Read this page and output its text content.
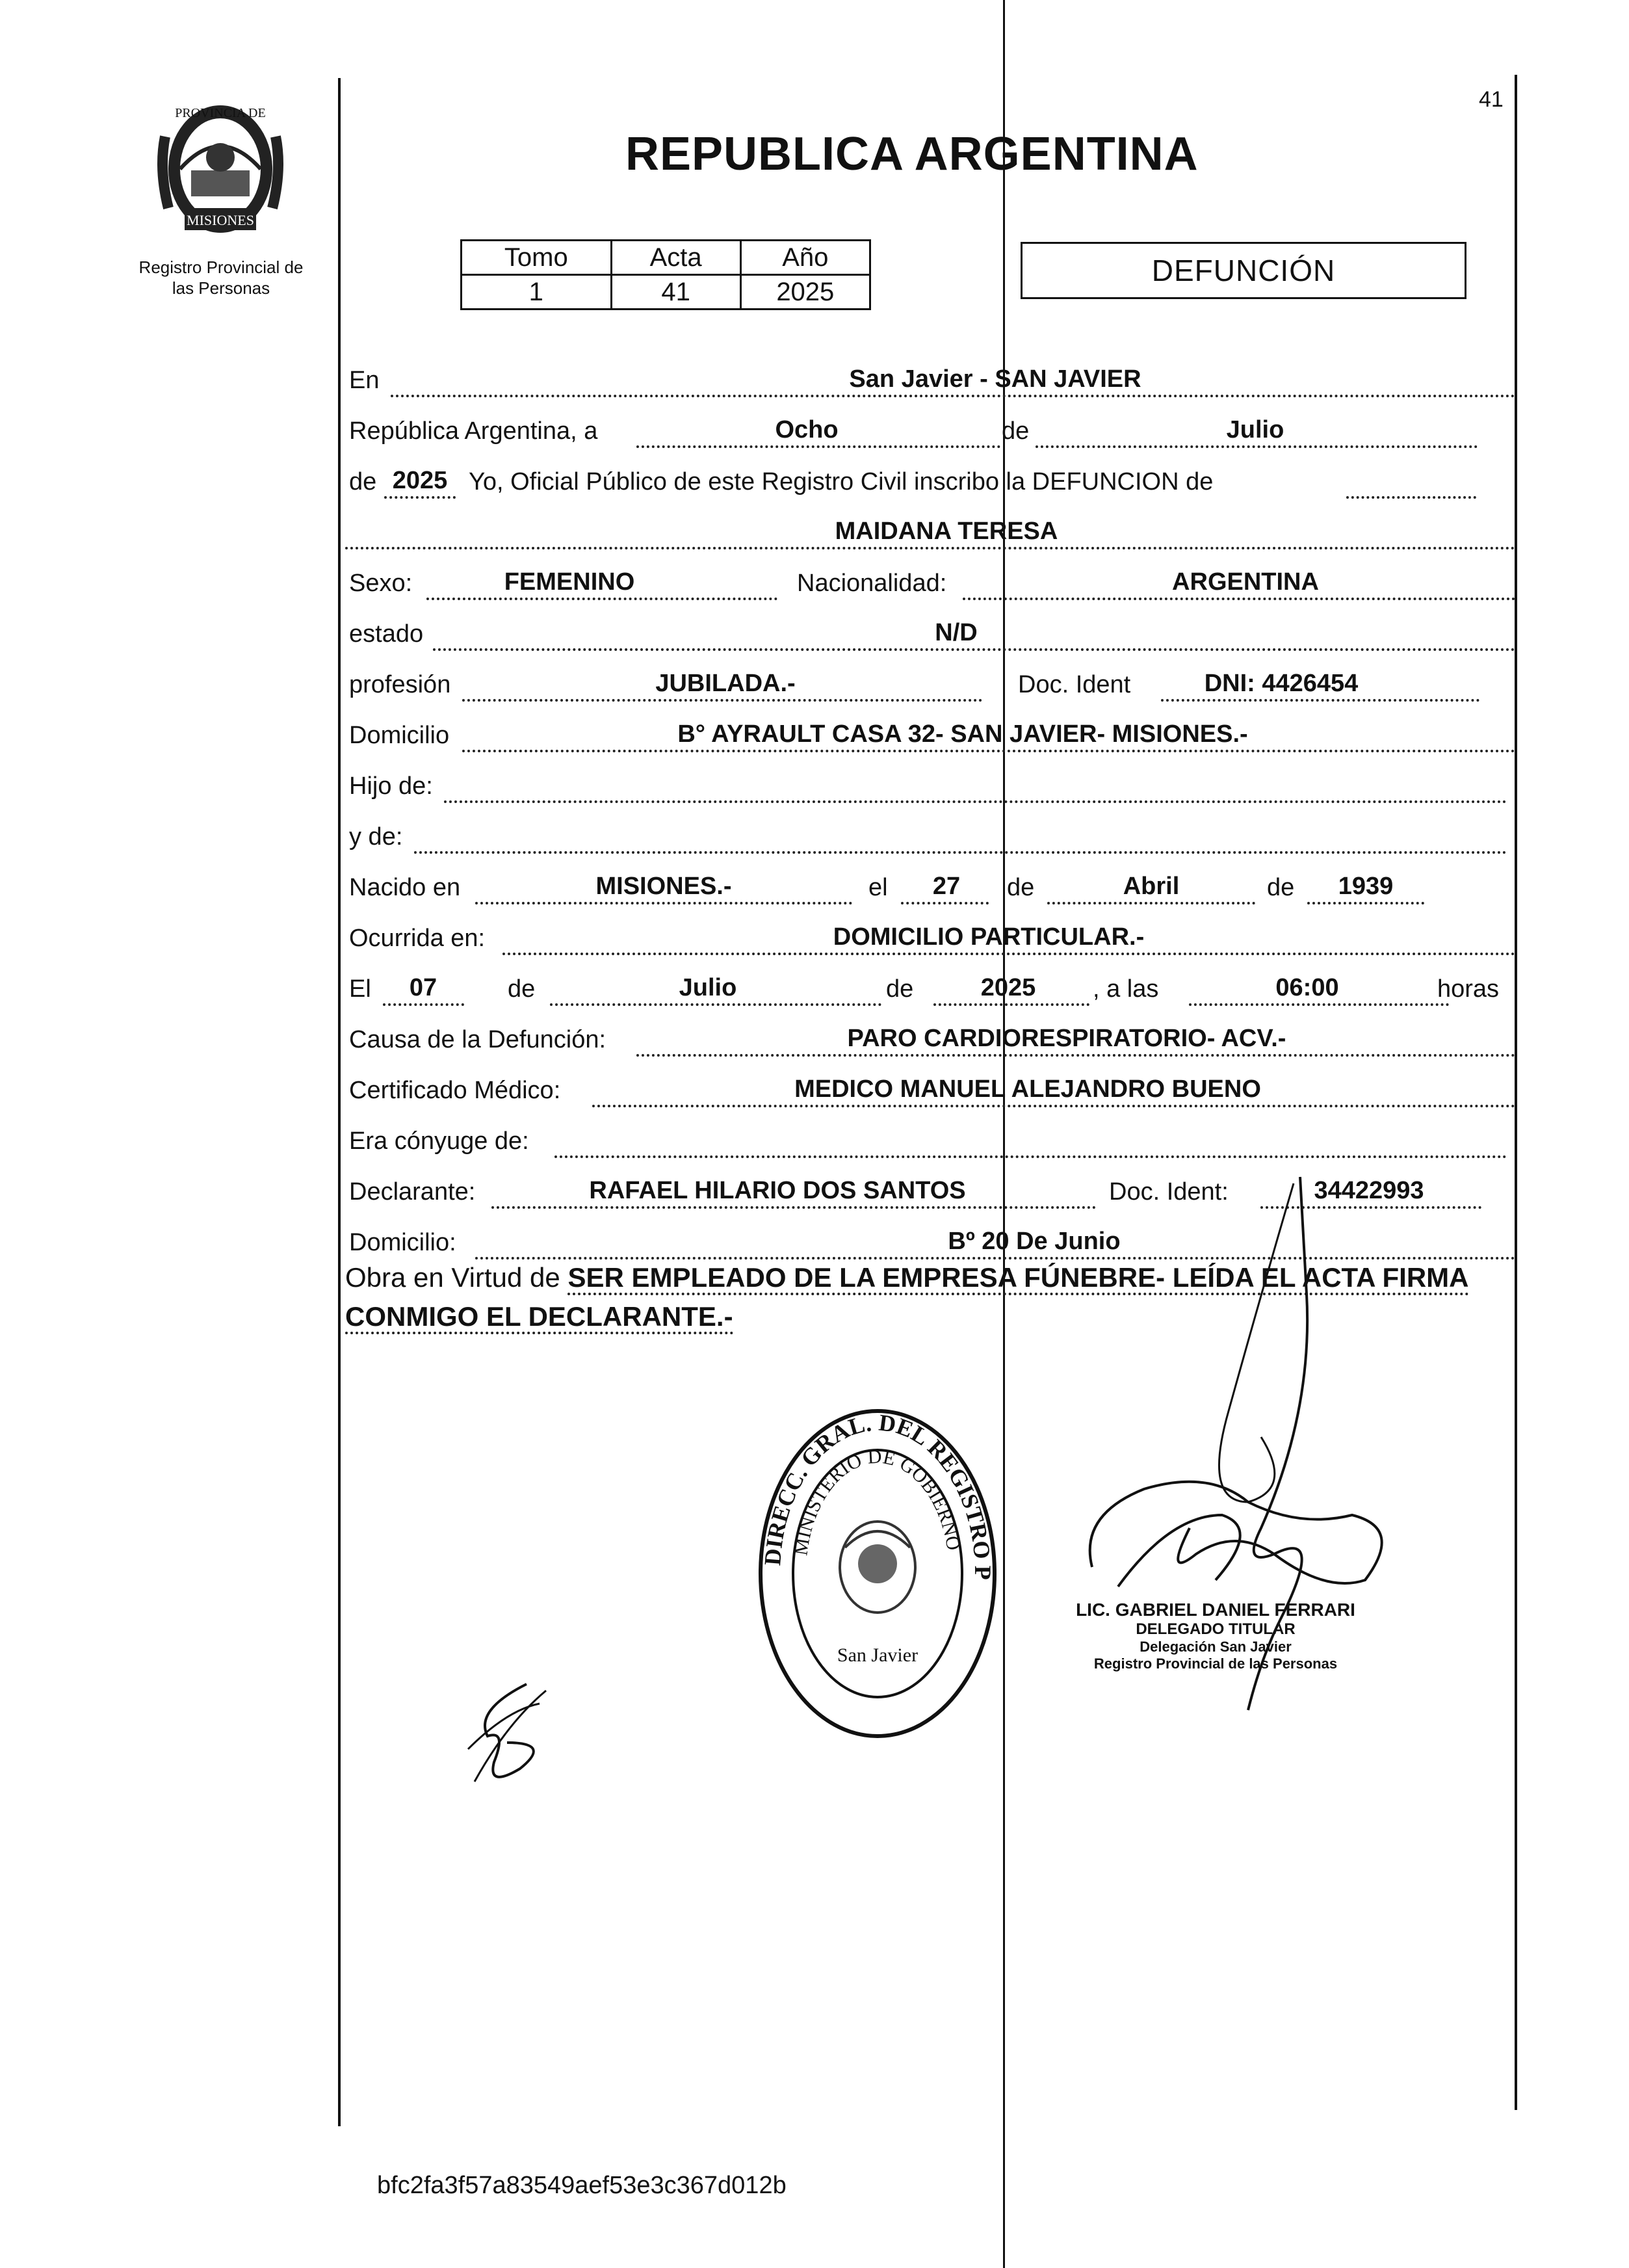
41
PROVINCIA DE
MISIONES
Registro Provincial de
las Personas
REPUBLICA ARGENTINA
Tomo	Acta	Año
1	41	2025
DEFUNCIÓN
En	San Javier - SAN JAVIER
República Argentina, a	Ocho	de	Julio
de 2025 Yo, Oficial Público de este Registro Civil inscribo la DEFUNCION de
MAIDANA TERESA
Sexo:	FEMENINO	Nacionalidad:	ARGENTINA
estado	N/D
profesión	JUBILADA.-	Doc. Ident	DNI: 4426454
Domicilio	B° AYRAULT CASA 32- SAN JAVIER- MISIONES.-
Hijo de:
y de:
Nacido en	MISIONES.-	el 27 de	Abril	de 1939
Ocurrida en:	DOMICILIO PARTICULAR.-
El 07	de	Julio	de	2025 , a las	06:00	horas
Causa de la Defunción:	PARO CARDIORESPIRATORIO- ACV.-
Certificado Médico:	MEDICO MANUEL ALEJANDRO BUENO
Era cónyuge de:
Declarante:	RAFAEL HILARIO DOS SANTOS	Doc. Ident:	34422993
Domicilio:	Bº 20 De Junio
Obra en Virtud de SER EMPLEADO DE LA EMPRESA FÚNEBRE- LEÍDA EL ACTA FIRMA
CONMIGO EL DECLARANTE.-
DIRECC. GRAL. DEL REGISTRO P
MINISTERIO DE GOBIERNO
San Javier
LIC. GABRIEL DANIEL FERRARI
DELEGADO TITULAR
Delegación San Javier
Registro Provincial de las Personas
bfc2fa3f57a83549aef53e3c367d012b
